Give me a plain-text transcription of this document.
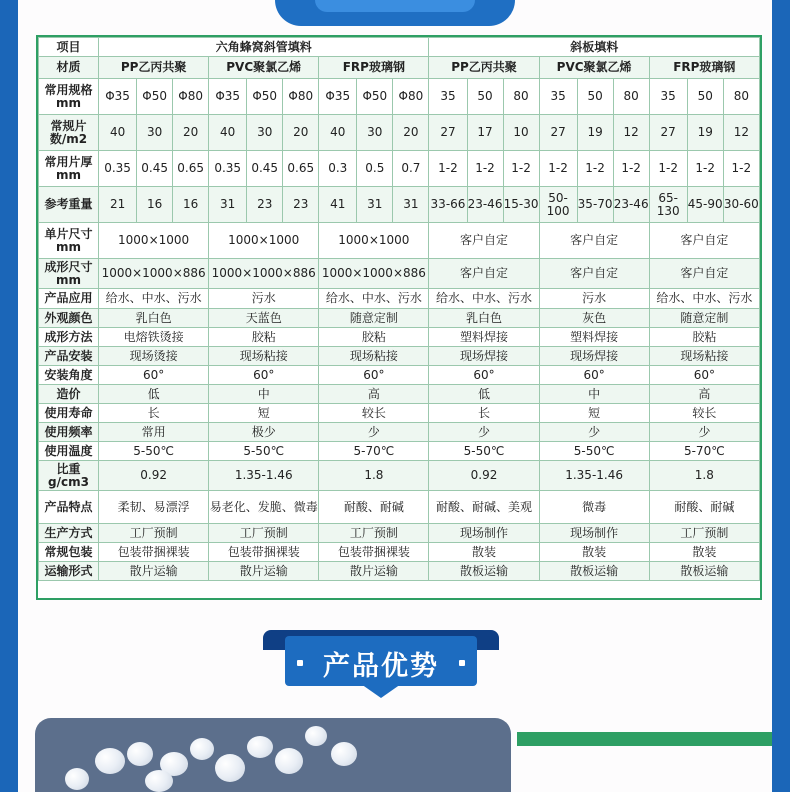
项目	六角蜂窝斜管填料									斜板填料								
材质	PP乙丙共聚			PVC聚氯乙烯			FRP玻璃钢			PP乙丙共聚			PVC聚氯乙烯			FRP玻璃钢		
常用规格mm	Φ35	Φ50	Φ80	Φ35	Φ50	Φ80	Φ35	Φ50	Φ80	35	50	80	35	50	80	35	50	80
常规片数/m2	40	30	20	40	30	20	40	30	20	27	17	10	27	19	12	27	19	12
常用片厚mm	0.35	0.45	0.65	0.35	0.45	0.65	0.3	0.5	0.7	1-2	1-2	1-2	1-2	1-2	1-2	1-2	1-2	1-2
参考重量	21	16	16	31	23	23	41	31	31	33-66	23-46	15-30	50-100	35-70	23-46	65-130	45-90	30-60
单片尺寸mm	1000×1000			1000×1000			1000×1000			客户自定			客户自定			客户自定		
成形尺寸mm	1000×1000×886			1000×1000×886			1000×1000×886			客户自定			客户自定			客户自定		
产品应用	给水、中水、污水			污水			给水、中水、污水			给水、中水、污水			污水			给水、中水、污水		
外观颜色	乳白色			天蓝色			随意定制			乳白色			灰色			随意定制		
成形方法	电熔铁烫接			胶粘			胶粘			塑料焊接			塑料焊接			胶粘		
产品安装	现场烫接			现场粘接			现场粘接			现场焊接			现场焊接			现场粘接		
安装角度	60°			60°			60°			60°			60°			60°		
造价	低			中			高			低			中			高		
使用寿命	长			短			较长			长			短			较长		
使用频率	常用			极少			少			少			少			少		
使用温度	5-50℃			5-50℃			5-70℃			5-50℃			5-50℃			5-70℃		
比重g/cm3	0.92			1.35-1.46			1.8			0.92			1.35-1.46			1.8		
产品特点	柔韧、易漂浮			易老化、发脆、微毒			耐酸、耐碱			耐酸、耐碱、美观			微毒			耐酸、耐碱		
生产方式	工厂预制			工厂预制			工厂预制			现场制作			现场制作			工厂预制		
常规包装	包装带捆裸装			包装带捆裸装			包装带捆裸装			散装			散装			散装		
运输形式	散片运输			散片运输			散片运输			散板运输			散板运输			散板运输		
产品优势
